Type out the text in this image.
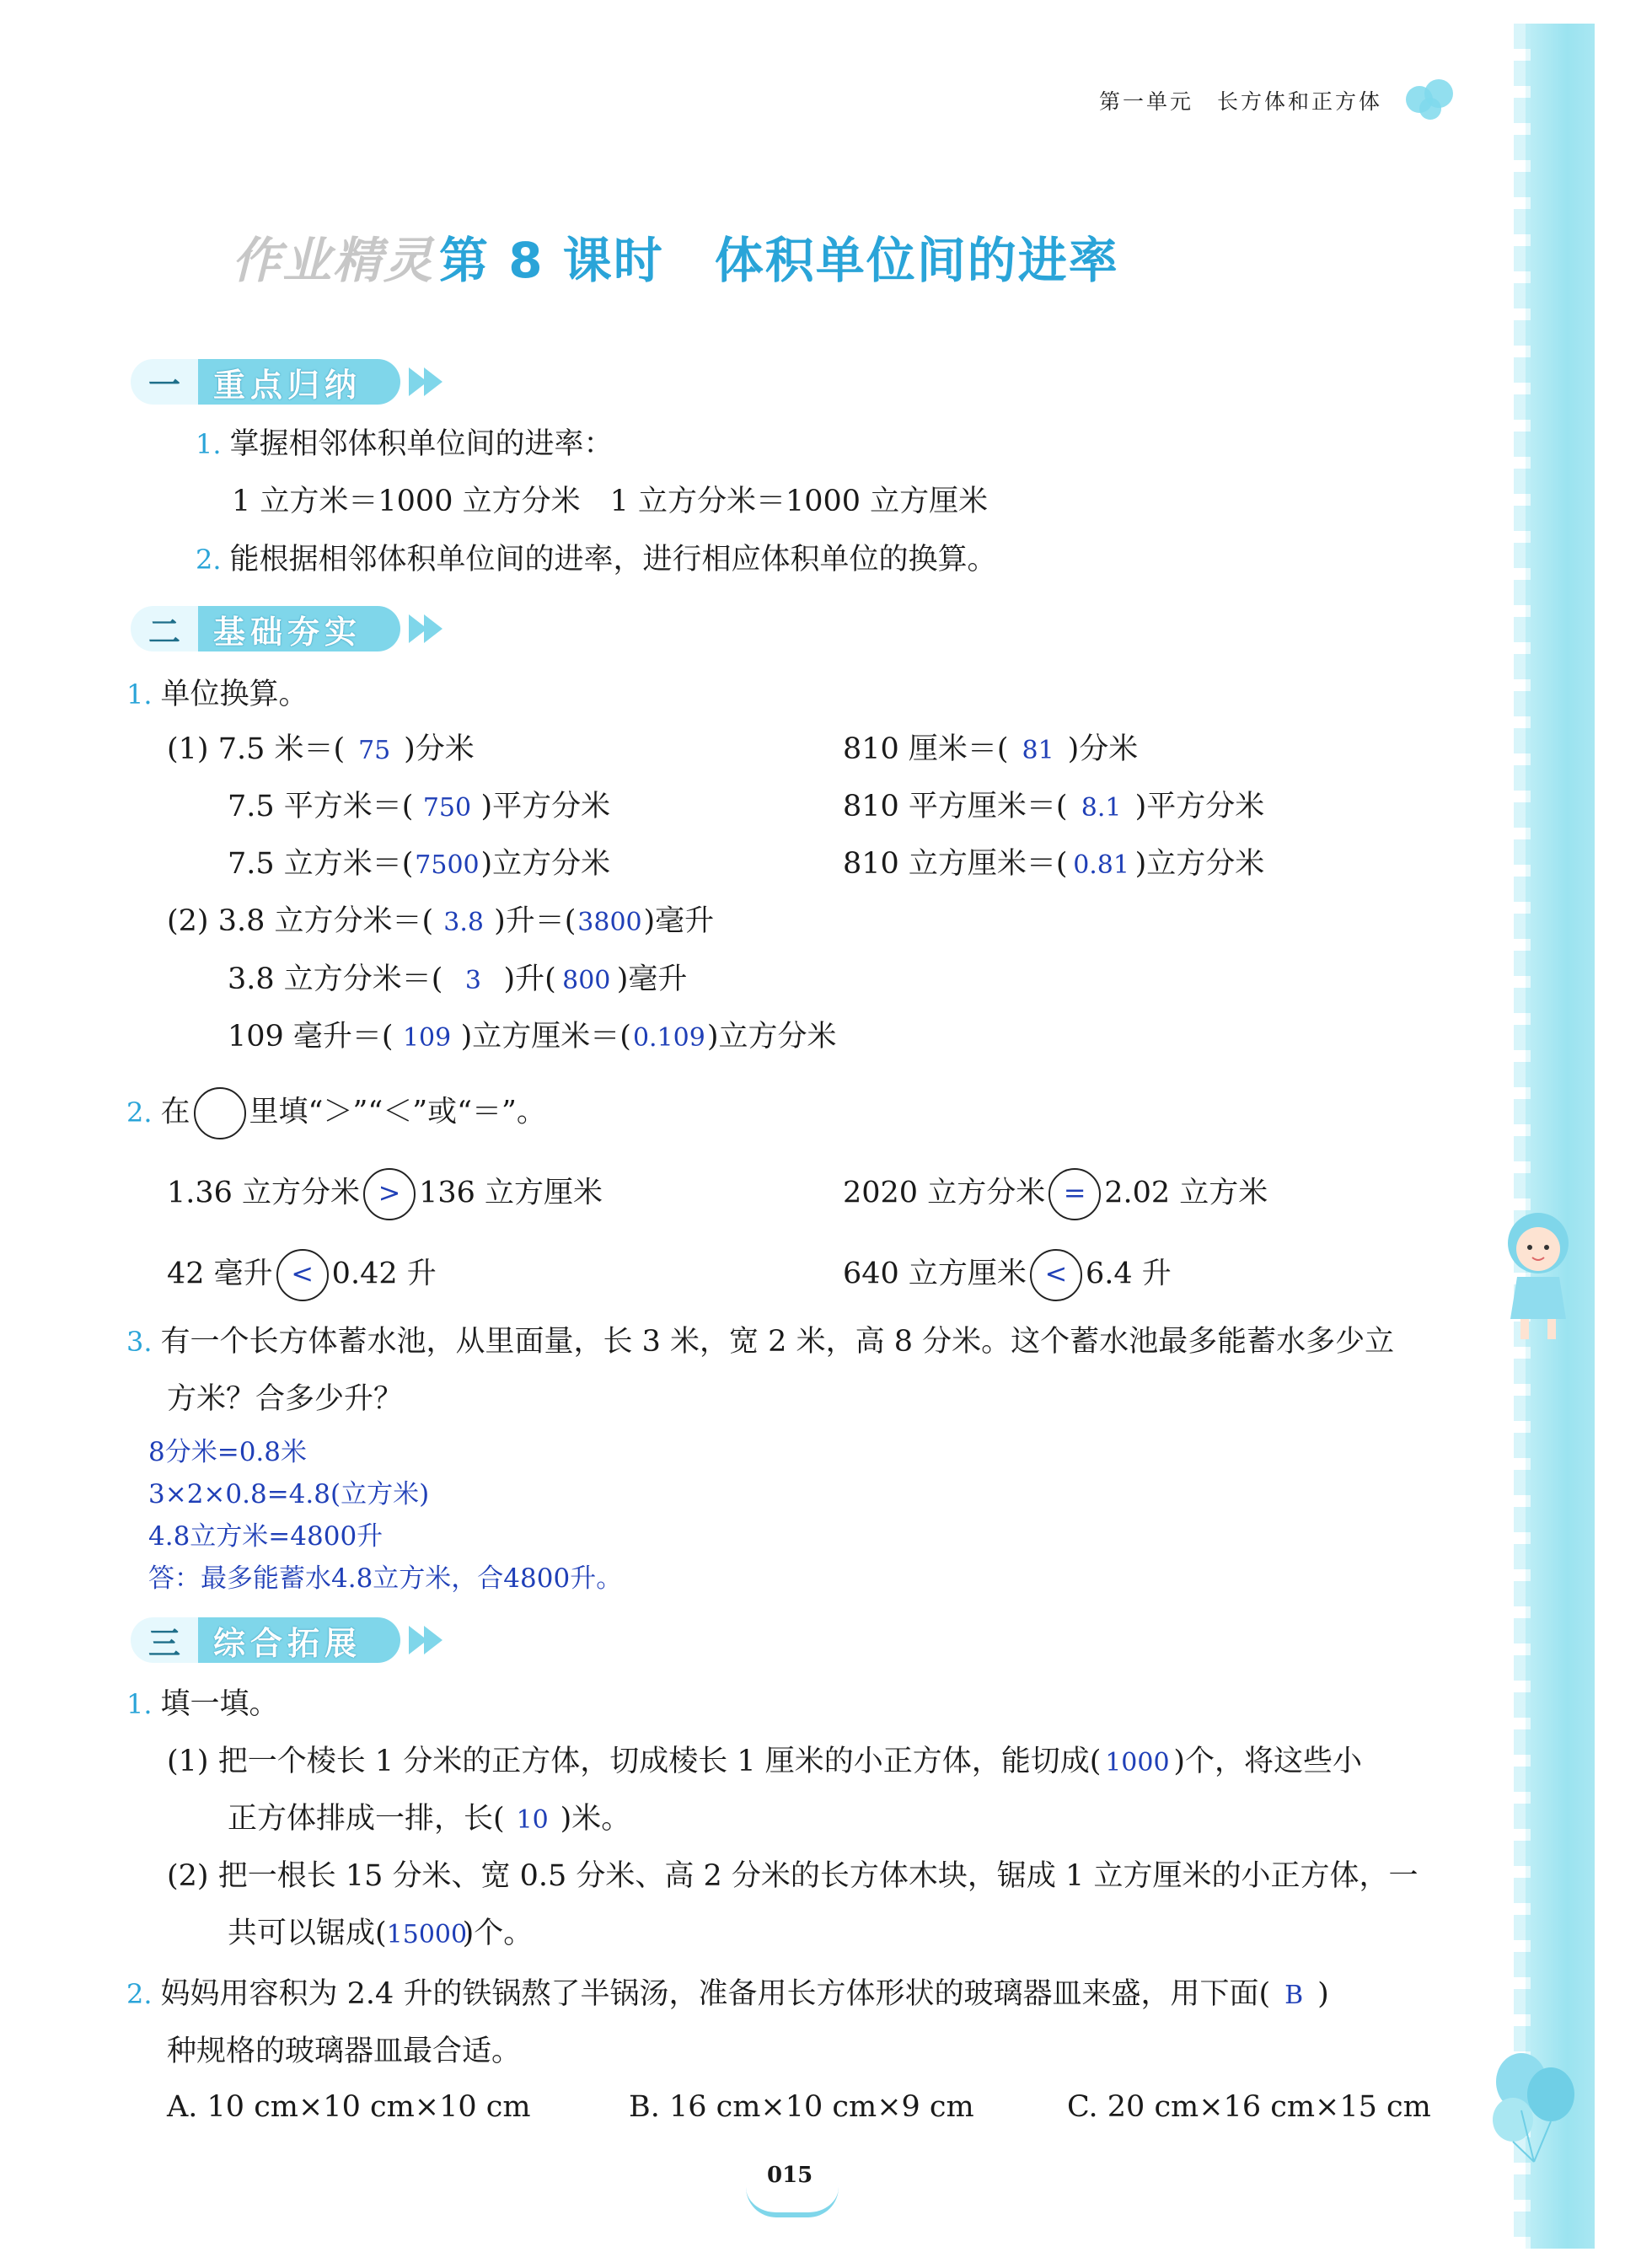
第一单元 长方体和正方体
作业精灵 第 8 课时 体积单位间的进率
一	重点归纳
1. 掌握相邻体积单位间的进率：
1 立方米＝1000 立方分米　1 立方分米＝1000 立方厘米
2. 能根据相邻体积单位间的进率，进行相应体积单位的换算。
二	基础夯实
1. 单位换算。
(1) 7.5 米＝( 75 )分米	810 厘米＝( 81 )分米
7.5 平方米＝( 750 )平方分米	810 平方厘米＝( 8.1 )平方分米
7.5 立方米＝(7500)立方分米	810 立方厘米＝( 0.81 )立方分米
(2) 3.8 立方分米＝( 3.8 )升＝(3800)毫升
3.8 立方分米＝( 3 )升( 800 )毫升
109 毫升＝( 109 )立方厘米＝(0.109)立方分米
2. 在 里填“＞”“＜”或“＝”。
1.36 立方分米 > 136 立方厘米	2020 立方分米 = 2.02 立方米
42 毫升 < 0.42 升	640 立方厘米 < 6.4 升
3. 有一个长方体蓄水池，从里面量，长 3 米，宽 2 米，高 8 分米。这个蓄水池最多能蓄水多少立
方米？合多少升？
8分米=0.8米
3×2×0.8=4.8(立方米)
4.8立方米=4800升
答：最多能蓄水4.8立方米，合4800升。
三	综合拓展
1. 填一填。
(1) 把一个棱长 1 分米的正方体，切成棱长 1 厘米的小正方体，能切成( 1000 )个，将这些小
正方体排成一排，长( 10 )米。
(2) 把一根长 15 分米、宽 0.5 分米、高 2 分米的长方体木块，锯成 1 立方厘米的小正方体，一
共可以锯成(15000)个。
2. 妈妈用容积为 2.4 升的铁锅熬了半锅汤，准备用长方体形状的玻璃器皿来盛，用下面( B )
种规格的玻璃器皿最合适。
A. 10 cm×10 cm×10 cm	B. 16 cm×10 cm×9 cm	C. 20 cm×16 cm×15 cm
015
